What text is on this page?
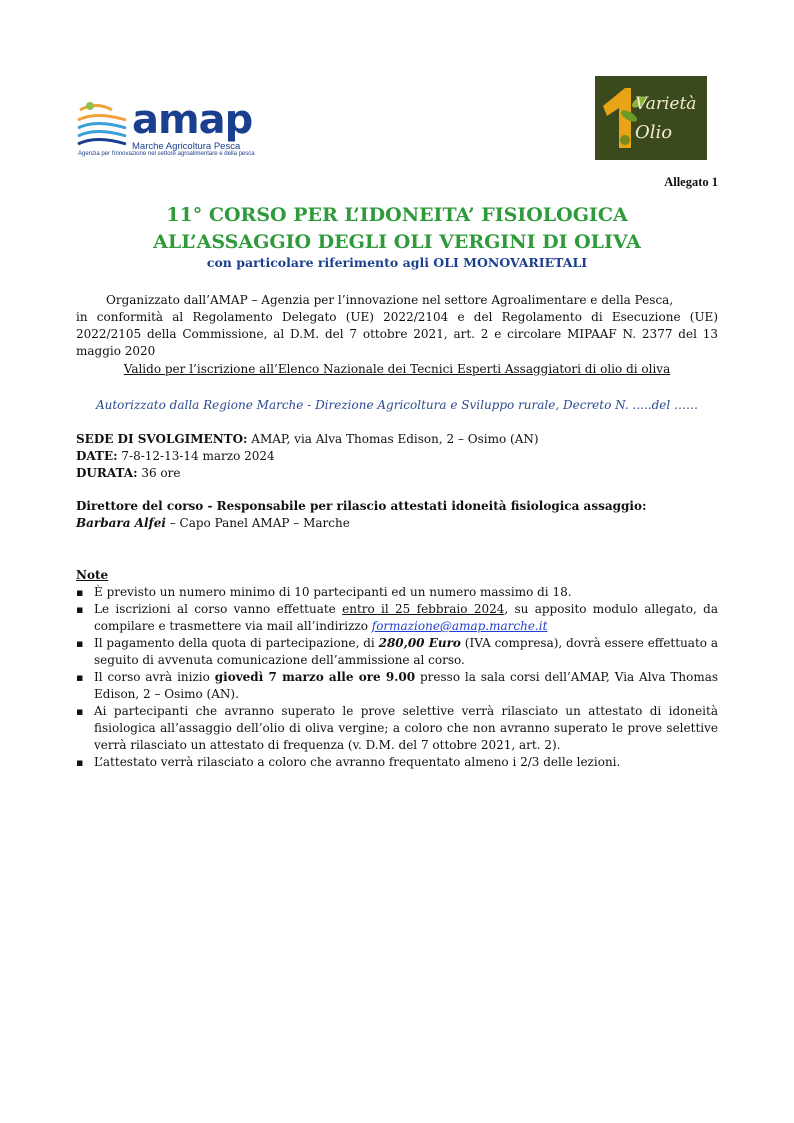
amap
Marche Agricoltura Pesca
Agenzia per l'innovazione nel settore agroalimentare e della pesca
Varietà
Olio
Allegato 1
11° CORSO PER L’IDONEITA’ FISIOLOGICA
ALL’ASSAGGIO DEGLI OLI VERGINI DI OLIVA
con particolare riferimento agli OLI MONOVARIETALI
Organizzato dall’AMAP – Agenzia per l’innovazione nel settore Agroalimentare e della Pesca,
in conformità al Regolamento Delegato (UE) 2022/2104 e del Regolamento di Esecuzione (UE) 2022/2105 della Commissione, al D.M. del 7 ottobre 2021, art. 2 e circolare MIPAAF N. 2377 del 13 maggio 2020
Valido per l’iscrizione all’Elenco Nazionale dei Tecnici Esperti Assaggiatori di olio di oliva
Autorizzato dalla Regione Marche - Direzione Agricoltura e Sviluppo rurale, Decreto N. .....del ……
SEDE DI SVOLGIMENTO: AMAP, via Alva Thomas Edison, 2 – Osimo (AN)
DATE: 7-8-12-13-14 marzo 2024
DURATA: 36 ore
Direttore del corso - Responsabile per rilascio attestati idoneità fisiologica assaggio:
Barbara Alfei – Capo Panel AMAP – Marche
Note
▪ È previsto un numero minimo di 10 partecipanti ed un numero massimo di 18.
▪ Le iscrizioni al corso vanno effettuate entro il 25 febbraio 2024, su apposito modulo allegato, da compilare e trasmettere via mail all’indirizzo formazione@amap.marche.it
▪ Il pagamento della quota di partecipazione, di 280,00 Euro (IVA compresa), dovrà essere effettuato a seguito di avvenuta comunicazione dell’ammissione al corso.
▪ Il corso avrà inizio giovedì 7 marzo alle ore 9.00 presso la sala corsi dell’AMAP, Via Alva Thomas Edison, 2 – Osimo (AN).
▪ Ai partecipanti che avranno superato le prove selettive verrà rilasciato un attestato di idoneità fisiologica all’assaggio dell’olio di oliva vergine; a coloro che non avranno superato le prove selettive verrà rilasciato un attestato di frequenza (v. D.M. del 7 ottobre 2021, art. 2).
▪ L’attestato verrà rilasciato a coloro che avranno frequentato almeno i 2/3 delle lezioni.
